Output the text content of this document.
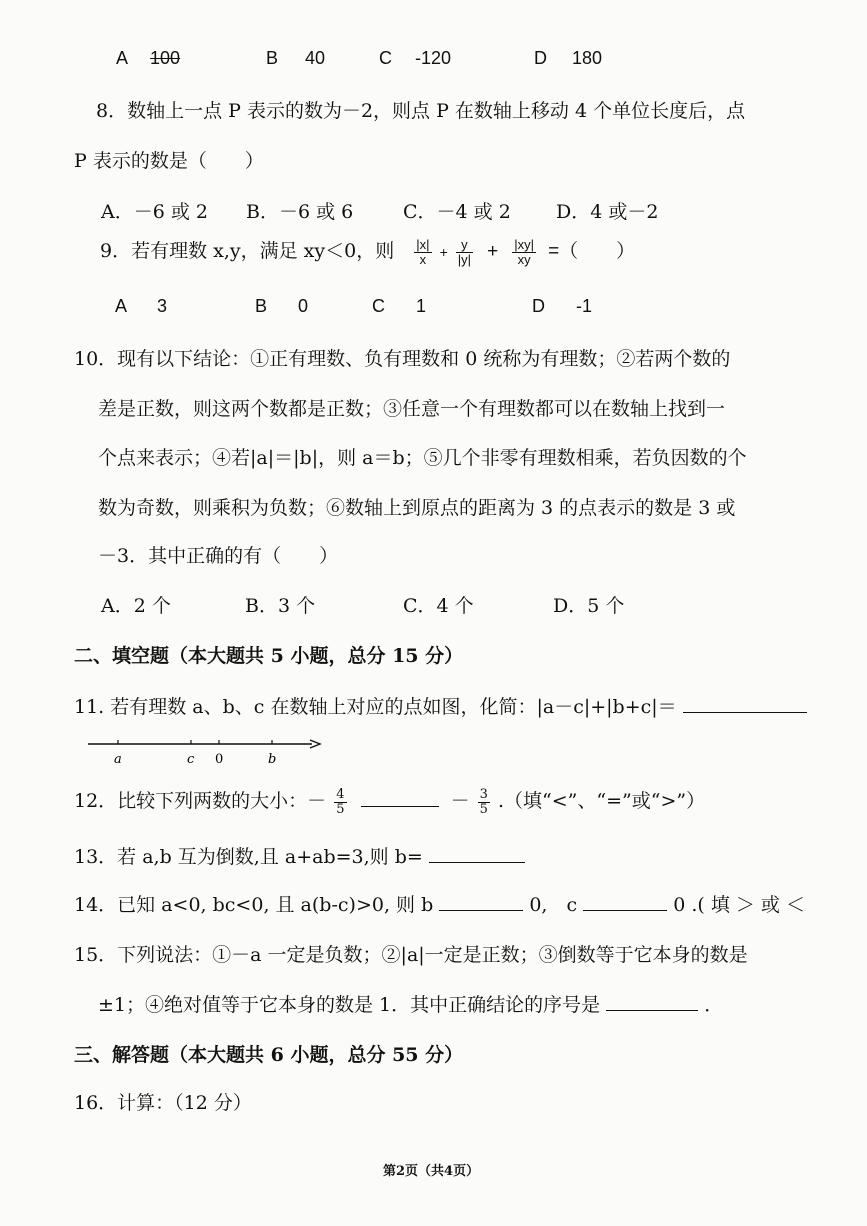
A 100	B 40	C -120	D 180
8．数轴上一点 P 表示的数为－2，则点 P 在数轴上移动 4 个单位长度后，点
P 表示的数是（　　）
A．－6 或 2 B．－6 或 6	C．－4 或 2 D．4 或－2
9．若有理数 x,y，满足 xy＜0，则 $\frac{|x|}{x} + \frac{y}{|y|} + \frac{|xy|}{xy}$ =（　　）
A 3	B 0	C 1	D -1
10．现有以下结论：①正有理数、负有理数和 0 统称为有理数；②若两个数的
差是正数，则这两个数都是正数；③任意一个有理数都可以在数轴上找到一
个点来表示；④若|a|＝|b|，则 a＝b；⑤几个非零有理数相乘，若负因数的个
数为奇数，则乘积为负数；⑥数轴上到原点的距离为 3 的点表示的数是 3 或
－3．其中正确的有（　　）
A．2 个	B．3 个	C．4 个	D．5 个
二、填空题（本大题共 5 小题，总分 15 分）
11. 若有理数 a、b、c 在数轴上对应的点如图，化简：|a－c|+|b+c|＝
a	c 0	b
12．比较下列两数的大小：－ $\frac{4}{5}$	－ $\frac{3}{5}$ .（填“<”、“=”或“>”）
13．若 a,b 互为倒数,且 a+ab=3,则 b=
14．已知 a<0, bc<0, 且 a(b-c)>0, 则 b	0,　c	0 .( 填 ＞ 或 ＜
15．下列说法：①－a 一定是负数；②|a|一定是正数；③倒数等于它本身的数是
±1；④绝对值等于它本身的数是 1．其中正确结论的序号是	．
三、解答题（本大题共 6 小题，总分 55 分）
16．计算：（12 分）
第2页（共4页）
